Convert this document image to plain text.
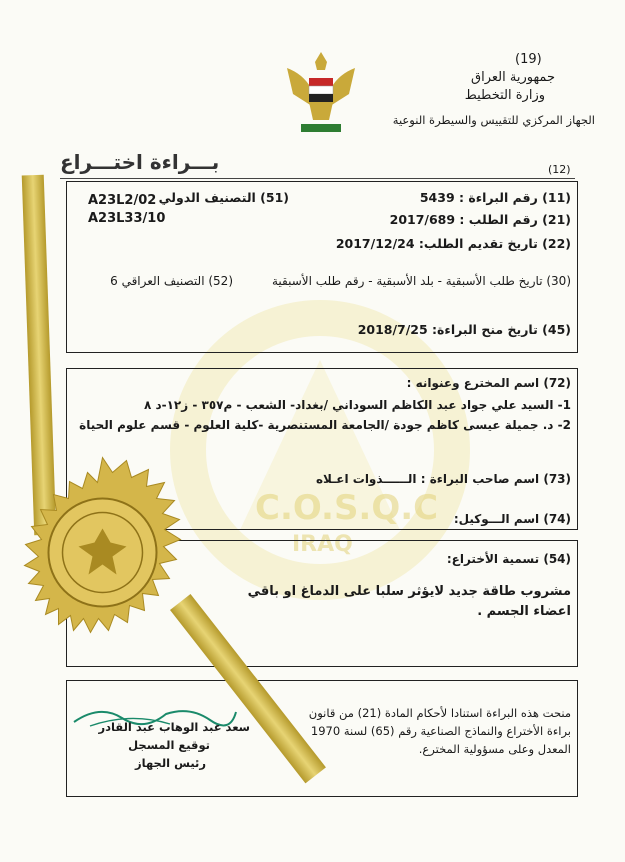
C.O.S.Q.C
IRAQ
(19)
جمهورية العراق
وزارة التخطيط
الجهاز المركزي للتقييس والسيطرة النوعية
بـــراءة اختـــراع	(12)
(11) رقم البراءة : 5439
(51) التصنيف الدولي
A23L2/02
A23L33/10	(21) رقم الطلب : 2017/689
(22) تاريخ تقديم الطلب: 2017/12/24
(30) تاريخ طلب الأسبقية - بلد الأسبقية - رقم طلب الأسبقية
(52) التصنيف العراقي 6
(45) تاريخ منح البراءة: 2018/7/25
(72) اسم المخترع وعنوانه :
1- السيد علي جواد عبد الكاظم السوداني /بغداد- الشعب - م٣٥٧ - ز١٢-د ٨
2- د. جميلة عيسى كاظم جودة /الجامعة المستنصرية -كلية العلوم - قسم علوم الحياة
(73) اسم صاحب البراءة : الــــــذوات اعـلاه
(74) اسم الـــوكيل:
(54) تسمية الأختراع:
مشروب طاقة جديد لايؤثر سلبا على الدماغ او باقي
اعضاء الجسم .
منحت هذه البراءة استنادا لأحكام المادة (21) من قانون
براءة الأختراع والنماذج الصناعية رقم (65) لسنة 1970
المعدل وعلى مسؤولية المخترع.
سعد عبد الوهاب عبد القادر
توقيع المسجل
رئيس الجهاز
